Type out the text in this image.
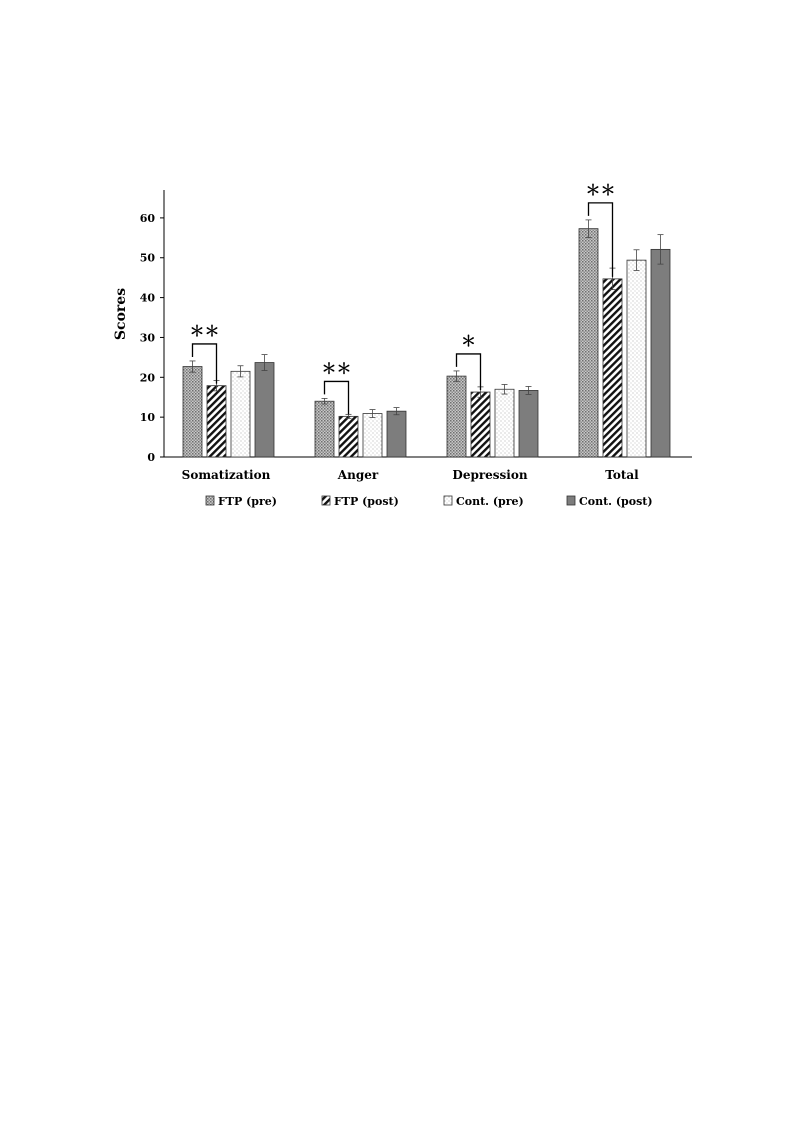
0
10
20
30
40
50
60
Somatization	Anger	Depression	Total
＊＊
＊＊
＊
＊＊
Scores
FTP (pre)	FTP (post)	Cont. (pre)	Cont. (post)
